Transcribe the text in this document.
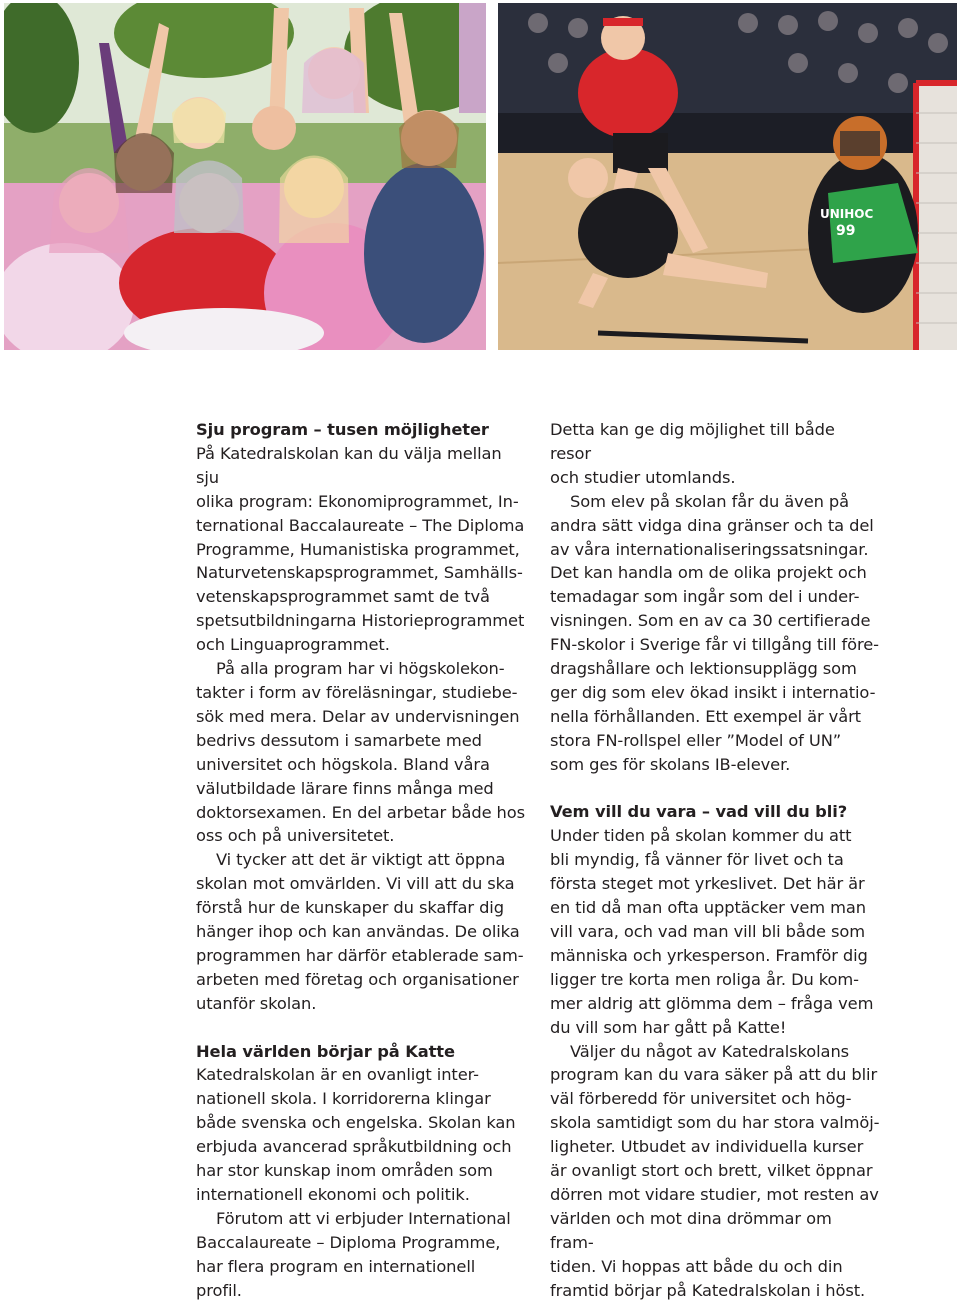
UNIHOC
99
Sju program – tusen möjligheter

På Katedralskolan kan du välja mellan sju
olika program: Ekonomiprogrammet, In-
ternational Baccalaureate – The Diploma
Programme, Humanistiska programmet,
Naturvetenskapsprogrammet, Samhälls-
vetenskapsprogrammet samt de två
spetsutbildningarna Historieprogrammet
och Linguaprogrammet.

På alla program har vi högskolekon-
takter i form av föreläsningar, studiebe-
sök med mera. Delar av undervisningen
bedrivs dessutom i samarbete med
universitet och högskola. Bland våra
välutbildade lärare finns många med
doktorsexamen. En del arbetar både hos
oss och på universitetet.

Vi tycker att det är viktigt att öppna
skolan mot omvärlden. Vi vill att du ska
förstå hur de kunskaper du skaffar dig
hänger ihop och kan användas. De olika
programmen har därför etablerade sam-
arbeten med företag och organisationer
utanför skolan.

Hela världen börjar på Katte

Katedralskolan är en ovanligt inter-
nationell skola. I korridorerna klingar
både svenska och engelska. Skolan kan
erbjuda avancerad språkutbildning och
har stor kunskap inom områden som
internationell ekonomi och politik.

Förutom att vi erbjuder International
Baccalaureate – Diploma Programme,
har flera program en internationell profil.

Detta kan ge dig möjlighet till både resor
och studier utomlands.

Som elev på skolan får du även på
andra sätt vidga dina gränser och ta del
av våra internationaliseringssatsningar.
Det kan handla om de olika projekt och
temadagar som ingår som del i under-
visningen. Som en av ca 30 certifierade
FN-skolor i Sverige får vi tillgång till före-
dragshållare och lektionsupplägg som
ger dig som elev ökad insikt i internatio-
nella förhållanden. Ett exempel är vårt
stora FN-rollspel eller ”Model of UN”
som ges för skolans IB-elever.

Vem vill du vara – vad vill du bli?

Under tiden på skolan kommer du att
bli myndig, få vänner för livet och ta
första steget mot yrkeslivet. Det här är
en tid då man ofta upptäcker vem man
vill vara, och vad man vill bli både som
människa och yrkesperson. Framför dig
ligger tre korta men roliga år. Du kom-
mer aldrig att glömma dem – fråga vem
du vill som har gått på Katte!

Väljer du något av Katedralskolans
program kan du vara säker på att du blir
väl förberedd för universitet och hög-
skola samtidigt som du har stora valmöj-
ligheter. Utbudet av individuella kurser
är ovanligt stort och brett, vilket öppnar
dörren mot vidare studier, mot resten av
världen och mot dina drömmar om fram-
tiden. Vi hoppas att både du och din
framtid börjar på Katedralskolan i höst.
